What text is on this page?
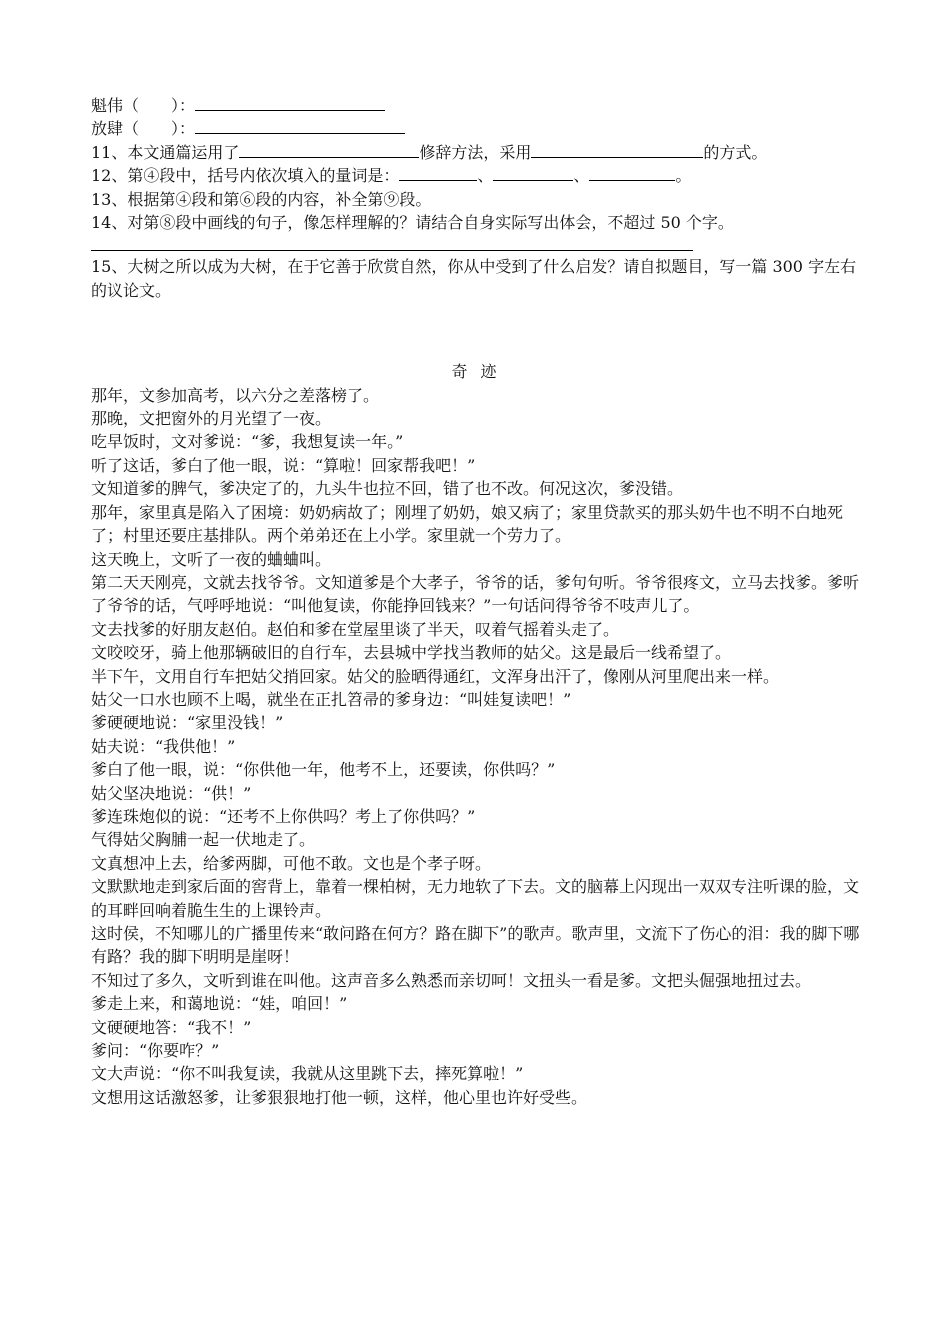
魁伟（　　）：
放肆（　　）：
11、本文通篇运用了	修辞方法，采用	的方式。
12、第④段中，括号内依次填入的量词是：	、	、	。
13、根据第④段和第⑥段的内容，补全第⑨段。
14、对第⑧段中画线的句子，像怎样理解的？请结合自身实际写出体会，不超过 50 个字。
15、大树之所以成为大树，在于它善于欣赏自然，你从中受到了什么启发？请自拟题目，写一篇 300 字左右的议论文。
奇 迹
那年，文参加高考，以六分之差落榜了。
那晚，文把窗外的月光望了一夜。
吃早饭时，文对爹说：“爹，我想复读一年。”
听了这话，爹白了他一眼，说：“算啦！回家帮我吧！”
文知道爹的脾气，爹决定了的，九头牛也拉不回，错了也不改。何况这次，爹没错。
那年，家里真是陷入了困境：奶奶病故了；刚埋了奶奶，娘又病了；家里贷款买的那头奶牛也不明不白地死了；村里还要庄基排队。两个弟弟还在上小学。家里就一个劳力了。
这天晚上，文听了一夜的蛐蛐叫。
第二天天刚亮，文就去找爷爷。文知道爹是个大孝子，爷爷的话，爹句句听。爷爷很疼文，立马去找爹。爹听了爷爷的话，气呼呼地说：“叫他复读，你能挣回钱来？”一句话问得爷爷不吱声儿了。
文去找爹的好朋友赵伯。赵伯和爹在堂屋里谈了半天，叹着气摇着头走了。
文咬咬牙，骑上他那辆破旧的自行车，去县城中学找当教师的姑父。这是最后一线希望了。
半下午，文用自行车把姑父捎回家。姑父的脸晒得通红，文浑身出汗了，像刚从河里爬出来一样。
姑父一口水也顾不上喝，就坐在正扎笤帚的爹身边：“叫娃复读吧！”
爹硬硬地说：“家里没钱！”
姑夫说：“我供他！”
爹白了他一眼，说：“你供他一年，他考不上，还要读，你供吗？”
姑父坚决地说：“供！”
爹连珠炮似的说：“还考不上你供吗？考上了你供吗？”
气得姑父胸脯一起一伏地走了。
文真想冲上去，给爹两脚，可他不敢。文也是个孝子呀。
文默默地走到家后面的窖背上，靠着一棵柏树，无力地软了下去。文的脑幕上闪现出一双双专注听课的脸，文的耳畔回响着脆生生的上课铃声。
这时侯，不知哪儿的广播里传来“敢问路在何方？路在脚下”的歌声。歌声里，文流下了伤心的泪：我的脚下哪有路？我的脚下明明是崖呀！
不知过了多久，文听到谁在叫他。这声音多么熟悉而亲切呵！文扭头一看是爹。文把头倔强地扭过去。
爹走上来，和蔼地说：“娃，咱回！”
文硬硬地答：“我不！”
爹问：“你要咋？”
文大声说：“你不叫我复读，我就从这里跳下去，摔死算啦！”
文想用这话激怒爹，让爹狠狠地打他一顿，这样，他心里也许好受些。
